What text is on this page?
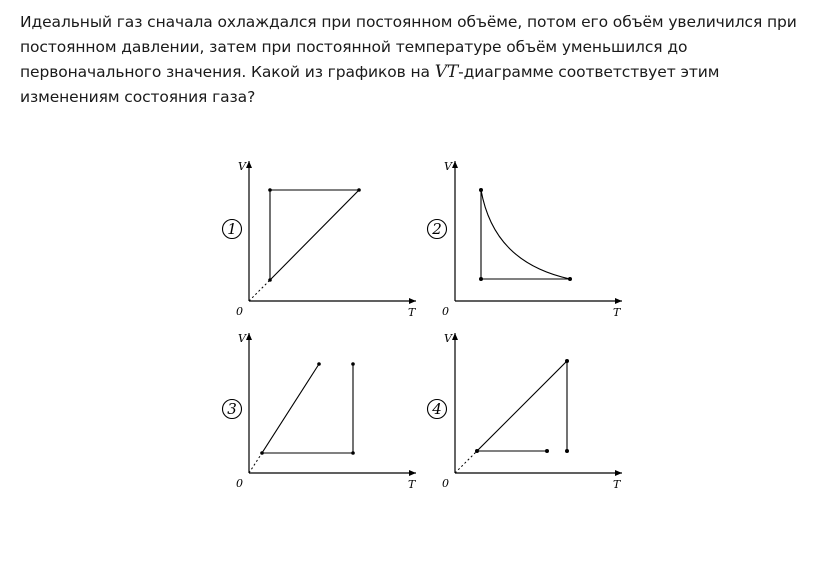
Идеальный газ сначала охлаждался при постоянном объёме, потом его объём увеличился при постоянном давлении, затем при постоянной температуре объём уменьшился до первоначального значения. Какой из графиков на VT-диаграмме соответствует этим изменениям состояния газа?
V
T
0
1
V
T
0
2
V
T
0
3
V
T
0
4
